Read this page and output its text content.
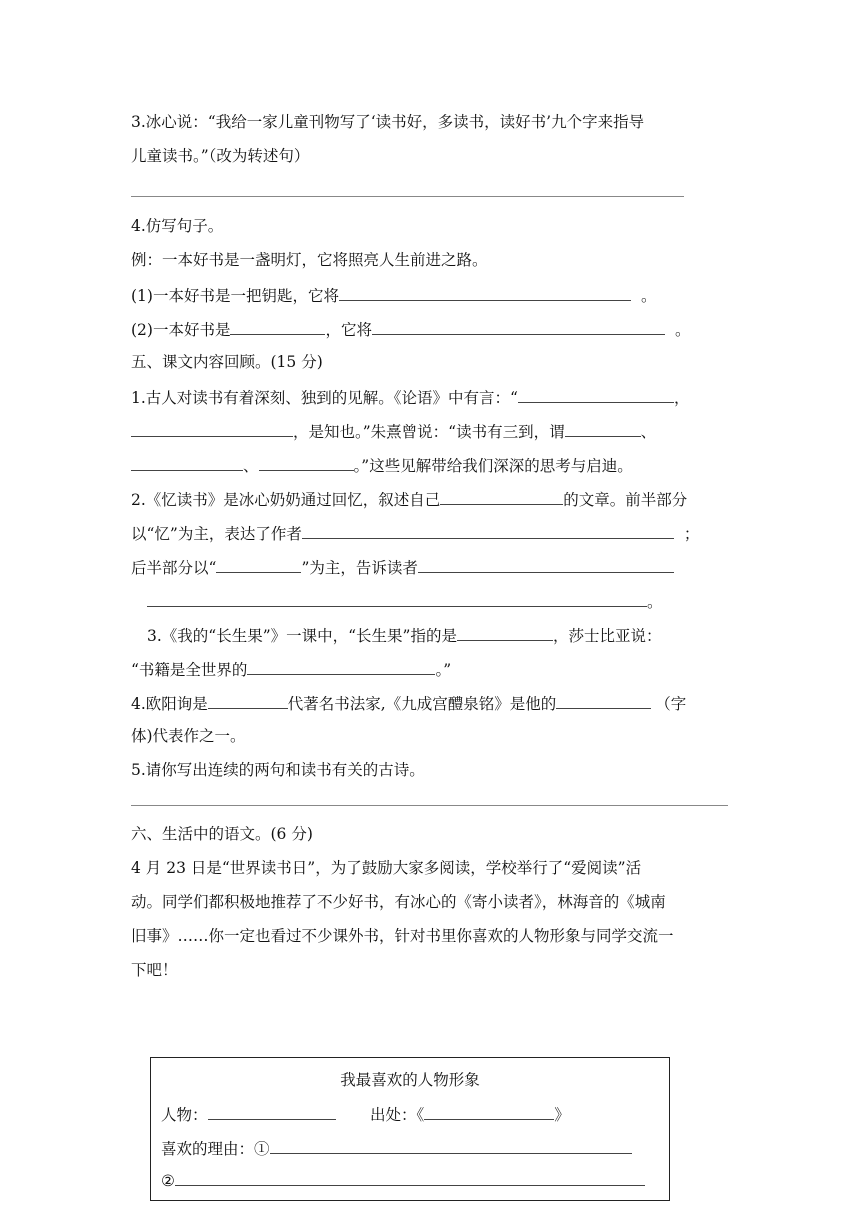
3.冰心说：“我给一家儿童刊物写了‘读书好，多读书，读好书’九个字来指导
儿童读书。”（改为转述句）
4.仿写句子。
例：一本好书是一盏明灯，它将照亮人生前进之路。
(1)一本好书是一把钥匙，它将	。
(2)一本好书是	，它将	。
五、课文内容回顾。(15 分)
1.古人对读书有着深刻、独到的见解。《论语》中有言：“	，
，是知也。”朱熹曾说：“读书有三到，谓	、
、	。”这些见解带给我们深深的思考与启迪。
2.《忆读书》是冰心奶奶通过回忆，叙述自己	的文章。前半部分
以“忆”为主，表达了作者	；
后半部分以“	”为主，告诉读者
。
3.《我的“长生果”》一课中，“长生果”指的是	，莎士比亚说：
“书籍是全世界的	。”
4.欧阳询是	代著名书法家,《九成宫醴泉铭》是他的	（字
体)代表作之一。
5.请你写出连续的两句和读书有关的古诗。
六、生活中的语文。(6 分)
4 月 23 日是“世界读书日”，为了鼓励大家多阅读，学校举行了“爱阅读”活
动。同学们都积极地推荐了不少好书，有冰心的《寄小读者》，林海音的《城南
旧事》……你一定也看过不少课外书，针对书里你喜欢的人物形象与同学交流一
下吧！
我最喜欢的人物形象
人物：	出处：《	》
喜欢的理由：①
②
